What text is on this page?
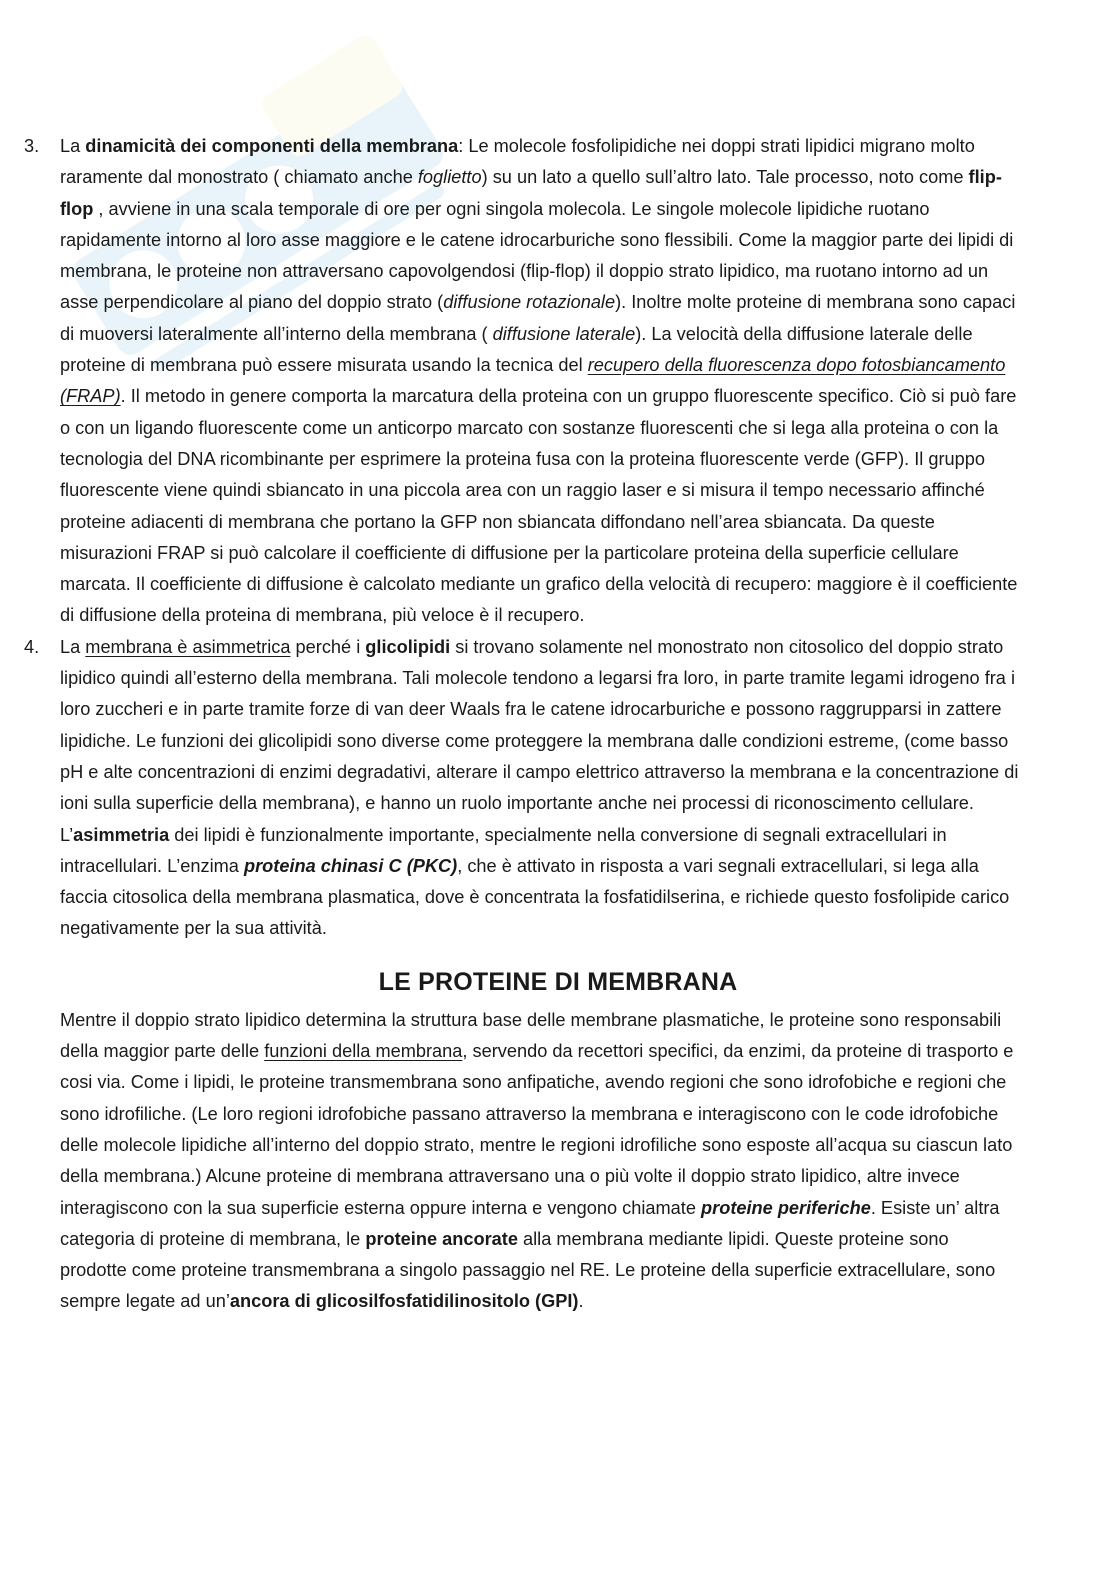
3. La dinamicità dei componenti della membrana: Le molecole fosfolipidiche nei doppi strati lipidici migrano molto raramente dal monostrato ( chiamato anche foglietto) su un lato a quello sull’altro lato. Tale processo, noto come flip-flop , avviene in una scala temporale di ore per ogni singola molecola. Le singole molecole lipidiche ruotano rapidamente intorno al loro asse maggiore e le catene idrocarburiche sono flessibili. Come la maggior parte dei lipidi di membrana, le proteine non attraversano capovolgendosi (flip-flop) il doppio strato lipidico, ma ruotano intorno ad un asse perpendicolare al piano del doppio strato (diffusione rotazionale). Inoltre molte proteine di membrana sono capaci di muoversi lateralmente all’interno della membrana ( diffusione laterale). La velocità della diffusione laterale delle proteine di membrana può essere misurata usando la tecnica del recupero della fluorescenza dopo fotosbiancamento (FRAP). Il metodo in genere comporta la marcatura della proteina con un gruppo fluorescente specifico. Ciò si può fare o con un ligando fluorescente come un anticorpo marcato con sostanze fluorescenti che si lega alla proteina o con la tecnologia del DNA ricombinante per esprimere la proteina fusa con la proteina fluorescente verde (GFP). Il gruppo fluorescente viene quindi sbiancato in una piccola area con un raggio laser e si misura il tempo necessario affinché proteine adiacenti di membrana che portano la GFP non sbiancata diffondano nell’area sbiancata. Da queste misurazioni FRAP si può calcolare il coefficiente di diffusione per la particolare proteina della superficie cellulare marcata. Il coefficiente di diffusione è calcolato mediante un grafico della velocità di recupero: maggiore è il coefficiente di diffusione della proteina di membrana, più veloce è il recupero.
4. La membrana è asimmetrica perché i glicolipidi si trovano solamente nel monostrato non citosolico del doppio strato lipidico quindi all’esterno della membrana. Tali molecole tendono a legarsi fra loro, in parte tramite legami idrogeno fra i loro zuccheri e in parte tramite forze di van deer Waals fra le catene idrocarburiche e possono raggrupparsi in zattere lipidiche. Le funzioni dei glicolipidi sono diverse come proteggere la membrana dalle condizioni estreme, (come basso pH e alte concentrazioni di enzimi degradativi, alterare il campo elettrico attraverso la membrana e la concentrazione di ioni sulla superficie della membrana), e hanno un ruolo importante anche nei processi di riconoscimento cellulare. L’asimmetria dei lipidi è funzionalmente importante, specialmente nella conversione di segnali extracellulari in intracellulari. L’enzima proteina chinasi C (PKC), che è attivato in risposta a vari segnali extracellulari, si lega alla faccia citosolica della membrana plasmatica, dove è concentrata la fosfatidilserina, e richiede questo fosfolipide carico negativamente per la sua attività.
LE PROTEINE DI MEMBRANA
Mentre il doppio strato lipidico determina la struttura base delle membrane plasmatiche, le proteine sono responsabili della maggior parte delle funzioni della membrana, servendo da recettori specifici, da enzimi, da proteine di trasporto e cosi via. Come i lipidi, le proteine transmembrana sono anfipatiche, avendo regioni che sono idrofobiche e regioni che sono idrofiliche. (Le loro regioni idrofobiche passano attraverso la membrana e interagiscono con le code idrofobiche delle molecole lipidiche all’interno del doppio strato, mentre le regioni idrofiliche sono esposte all’acqua su ciascun lato della membrana.) Alcune proteine di membrana attraversano una o più volte il doppio strato lipidico, altre invece interagiscono con la sua superficie esterna oppure interna e vengono chiamate proteine periferiche. Esiste un’ altra categoria di proteine di membrana, le proteine ancorate alla membrana mediante lipidi. Queste proteine sono prodotte come proteine transmembrana a singolo passaggio nel RE. Le proteine della superficie extracellulare, sono sempre legate ad un’ancora di glicosilfosfatidilinositolo (GPI).
